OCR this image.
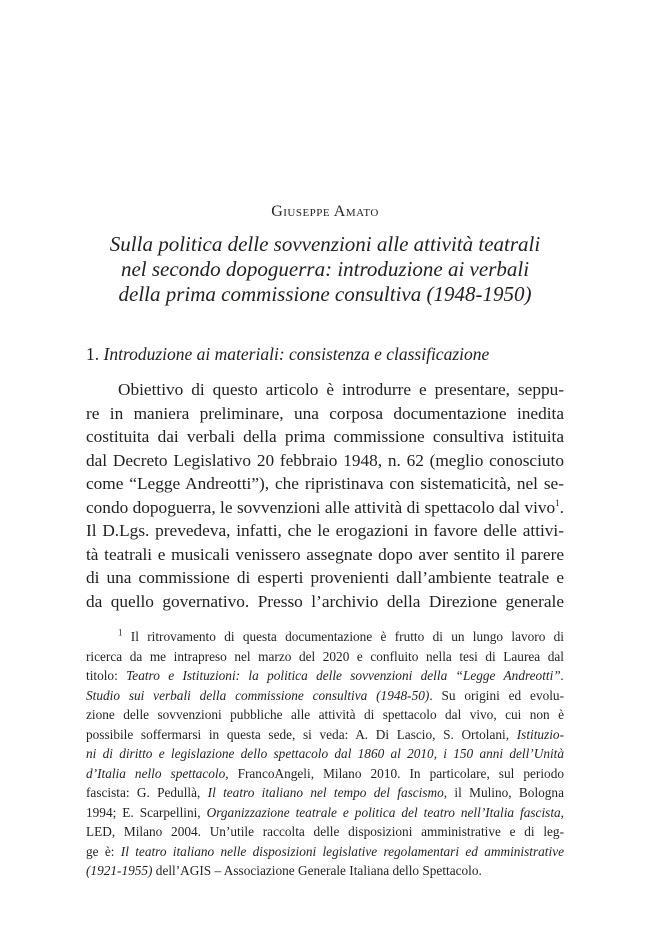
Giuseppe Amato
Sulla politica delle sovvenzioni alle attività teatrali
nel secondo dopoguerra: introduzione ai verbali
della prima commissione consultiva (1948-1950)
1. Introduzione ai materiali: consistenza e classificazione
Obiettivo di questo articolo è introdurre e presentare, seppu-
re in maniera preliminare, una corposa documentazione inedita
costituita dai verbali della prima commissione consultiva istituita
dal Decreto Legislativo 20 febbraio 1948, n. 62 (meglio conosciuto
come “Legge Andreotti”), che ripristinava con sistematicità, nel se-
condo dopoguerra, le sovvenzioni alle attività di spettacolo dal vivo$^1$.
Il D.Lgs. prevedeva, infatti, che le erogazioni in favore delle attivi-
tà teatrali e musicali venissero assegnate dopo aver sentito il parere
di una commissione di esperti provenienti dall’ambiente teatrale e
da quello governativo. Presso l’archivio della Direzione generale
$^1$ Il ritrovamento di questa documentazione è frutto di un lungo lavoro di
ricerca da me intrapreso nel marzo del 2020 e confluito nella tesi di Laurea dal
titolo: Teatro e Istituzioni: la politica delle sovvenzioni della “Legge Andreotti”.
Studio sui verbali della commissione consultiva (1948-50). Su origini ed evolu-
zione delle sovvenzioni pubbliche alle attività di spettacolo dal vivo, cui non è
possibile soffermarsi in questa sede, si veda: A. Di Lascio, S. Ortolani, Istituzio-
ni di diritto e legislazione dello spettacolo dal 1860 al 2010, i 150 anni dell’Unità
d’Italia nello spettacolo, FrancoAngeli, Milano 2010. In particolare, sul periodo
fascista: G. Pedullà, Il teatro italiano nel tempo del fascismo, il Mulino, Bologna
1994; E. Scarpellini, Organizzazione teatrale e politica del teatro nell’Italia fascista,
LED, Milano 2004. Un’utile raccolta delle disposizioni amministrative e di leg-
ge è: Il teatro italiano nelle disposizioni legislative regolamentari ed amministrative
(1921-1955) dell’AGIS – Associazione Generale Italiana dello Spettacolo.
